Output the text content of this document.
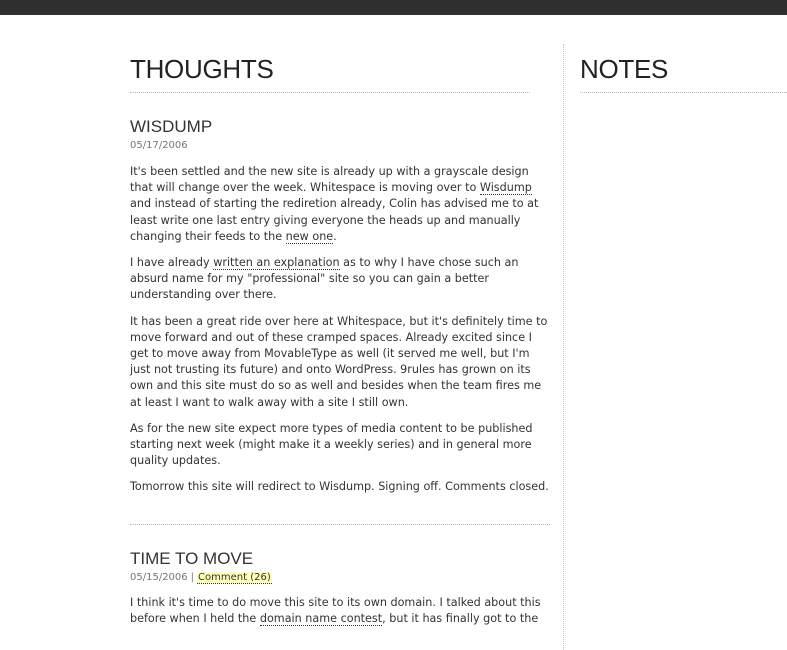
THOUGHTS
WISDUMP
05/17/2006

It's been settled and the new site is already up with a grayscale design that will change over the week. Whitespace is moving over to Wisdump and instead of starting the rediretion already, Colin has advised me to at least write one last entry giving everyone the heads up and manually changing their feeds to the new one.

I have already written an explanation as to why I have chose such an absurd name for my "professional" site so you can gain a better understanding over there.

It has been a great ride over here at Whitespace, but it's definitely time to move forward and out of these cramped spaces. Already excited since I get to move away from MovableType as well (it served me well, but I'm just not trusting its future) and onto WordPress. 9rules has grown on its own and this site must do so as well and besides when the team fires me at least I want to walk away with a site I still own.

As for the new site expect more types of media content to be published starting next week (might make it a weekly series) and in general more quality updates.

Tomorrow this site will redirect to Wisdump. Signing off. Comments closed.

TIME TO MOVE
05/15/2006 | Comment (26)

I think it's time to do move this site to its own domain. I talked about this before when I held the domain name contest, but it has finally got to the

NOTES
